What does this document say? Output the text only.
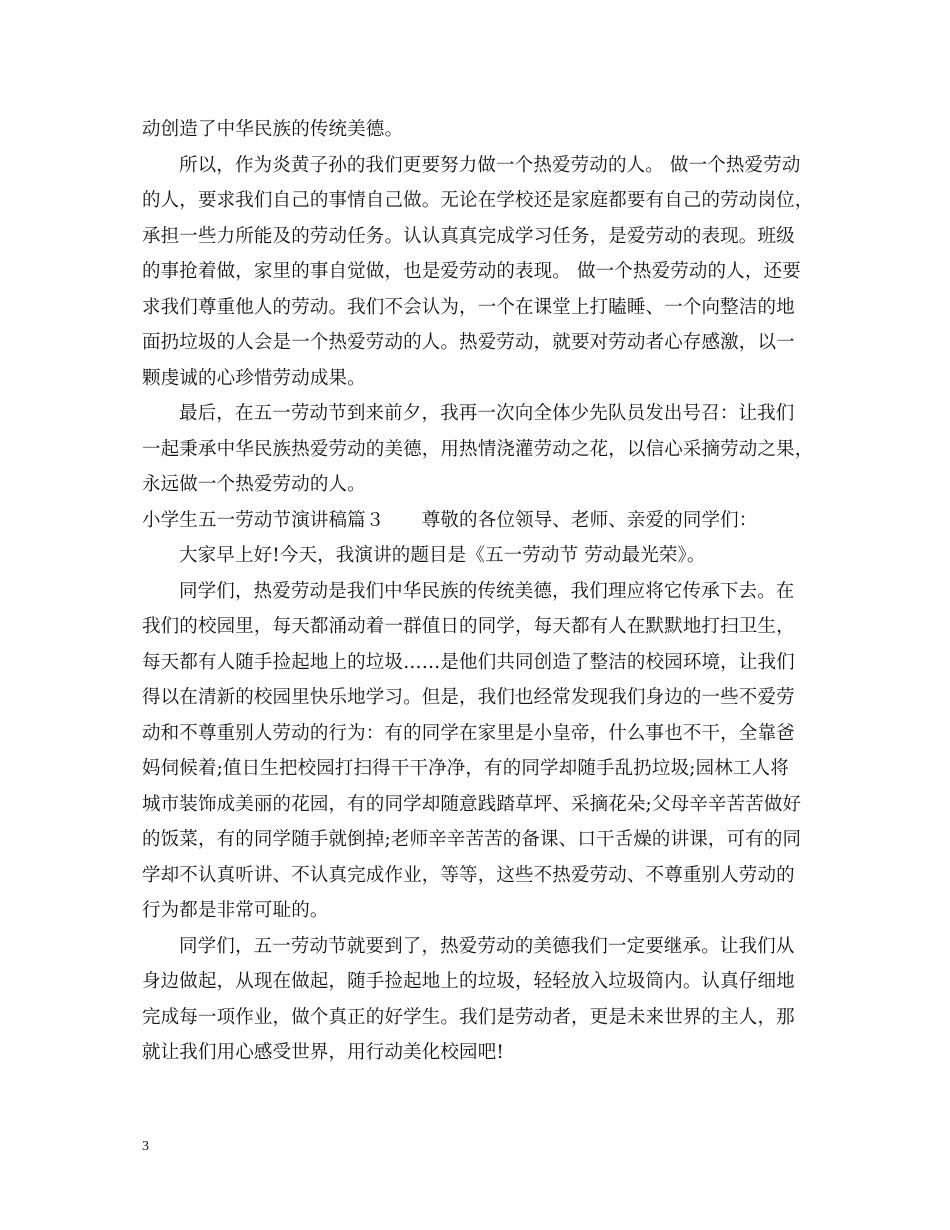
动创造了中华民族的传统美德。
所以，作为炎黄子孙的我们更要努力做一个热爱劳动的人。 做一个热爱劳动
的人，要求我们自己的事情自己做。无论在学校还是家庭都要有自己的劳动岗位，
承担一些力所能及的劳动任务。认认真真完成学习任务，是爱劳动的表现。班级
的事抢着做，家里的事自觉做，也是爱劳动的表现。 做一个热爱劳动的人，还要
求我们尊重他人的劳动。我们不会认为，一个在课堂上打瞌睡、一个向整洁的地
面扔垃圾的人会是一个热爱劳动的人。热爱劳动，就要对劳动者心存感激，以一
颗虔诚的心珍惜劳动成果。
最后，在五一劳动节到来前夕，我再一次向全体少先队员发出号召：让我们
一起秉承中华民族热爱劳动的美德，用热情浇灌劳动之花，以信心采摘劳动之果，
永远做一个热爱劳动的人。
小学生五一劳动节演讲稿篇３　　尊敬的各位领导、老师、亲爱的同学们：
大家早上好!今天，我演讲的题目是《五一劳动节 劳动最光荣》。
同学们，热爱劳动是我们中华民族的传统美德，我们理应将它传承下去。在
我们的校园里，每天都涌动着一群值日的同学，每天都有人在默默地打扫卫生，
每天都有人随手捡起地上的垃圾……是他们共同创造了整洁的校园环境，让我们
得以在清新的校园里快乐地学习。但是，我们也经常发现我们身边的一些不爱劳
动和不尊重别人劳动的行为：有的同学在家里是小皇帝，什么事也不干，全靠爸
妈伺候着;值日生把校园打扫得干干净净，有的同学却随手乱扔垃圾;园林工人将
城市装饰成美丽的花园，有的同学却随意践踏草坪、采摘花朵;父母辛辛苦苦做好
的饭菜，有的同学随手就倒掉;老师辛辛苦苦的备课、口干舌燥的讲课，可有的同
学却不认真听讲、不认真完成作业，等等，这些不热爱劳动、不尊重别人劳动的
行为都是非常可耻的。
同学们，五一劳动节就要到了，热爱劳动的美德我们一定要继承。让我们从
身边做起，从现在做起，随手捡起地上的垃圾，轻轻放入垃圾筒内。认真仔细地
完成每一项作业，做个真正的好学生。我们是劳动者，更是未来世界的主人，那
就让我们用心感受世界，用行动美化校园吧!
3
